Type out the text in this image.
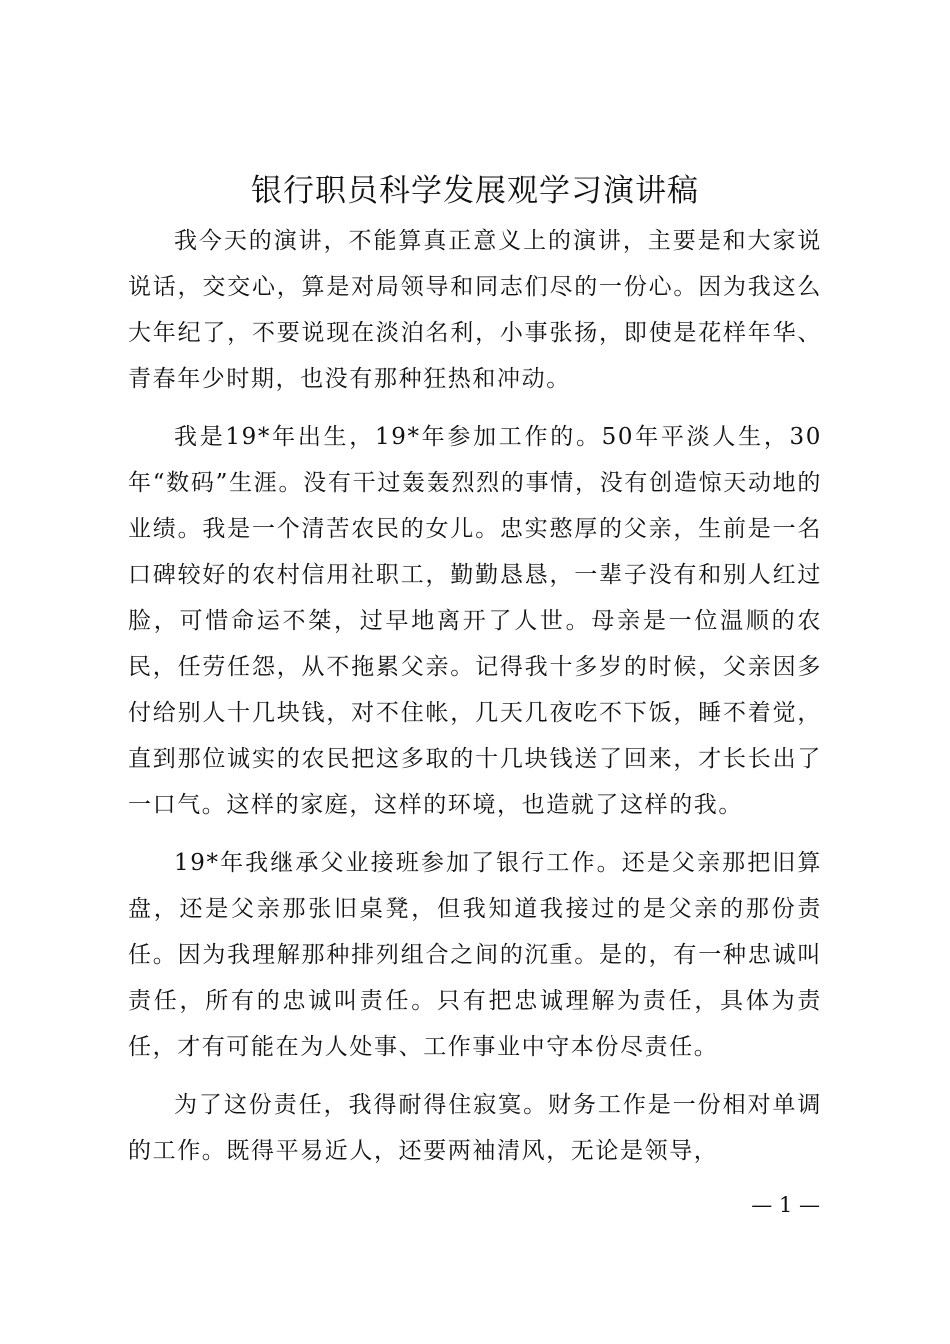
银行职员科学发展观学习演讲稿

我今天的演讲，不能算真正意义上的演讲，主要是和大家说说话，交交心，算是对局领导和同志们尽的一份心。因为我这么大年纪了，不要说现在淡泊名利，小事张扬，即使是花样年华、青春年少时期，也没有那种狂热和冲动。

我是19*年出生，19*年参加工作的。50年平淡人生，30年“数码”生涯。没有干过轰轰烈烈的事情，没有创造惊天动地的业绩。我是一个清苦农民的女儿。忠实憨厚的父亲，生前是一名口碑较好的农村信用社职工，勤勤恳恳，一辈子没有和别人红过脸，可惜命运不桀，过早地离开了人世。母亲是一位温顺的农民，任劳任怨，从不拖累父亲。记得我十多岁的时候，父亲因多付给别人十几块钱，对不住帐，几天几夜吃不下饭，睡不着觉，直到那位诚实的农民把这多取的十几块钱送了回来，才长长出了一口气。这样的家庭，这样的环境，也造就了这样的我。

19*年我继承父业接班参加了银行工作。还是父亲那把旧算盘，还是父亲那张旧桌凳，但我知道我接过的是父亲的那份责任。因为我理解那种排列组合之间的沉重。是的，有一种忠诚叫责任，所有的忠诚叫责任。只有把忠诚理解为责任，具体为责任，才有可能在为人处事、工作事业中守本份尽责任。

为了这份责任，我得耐得住寂寞。财务工作是一份相对单调的工作。既得平易近人，还要两袖清风，无论是领导，

— 1 —
